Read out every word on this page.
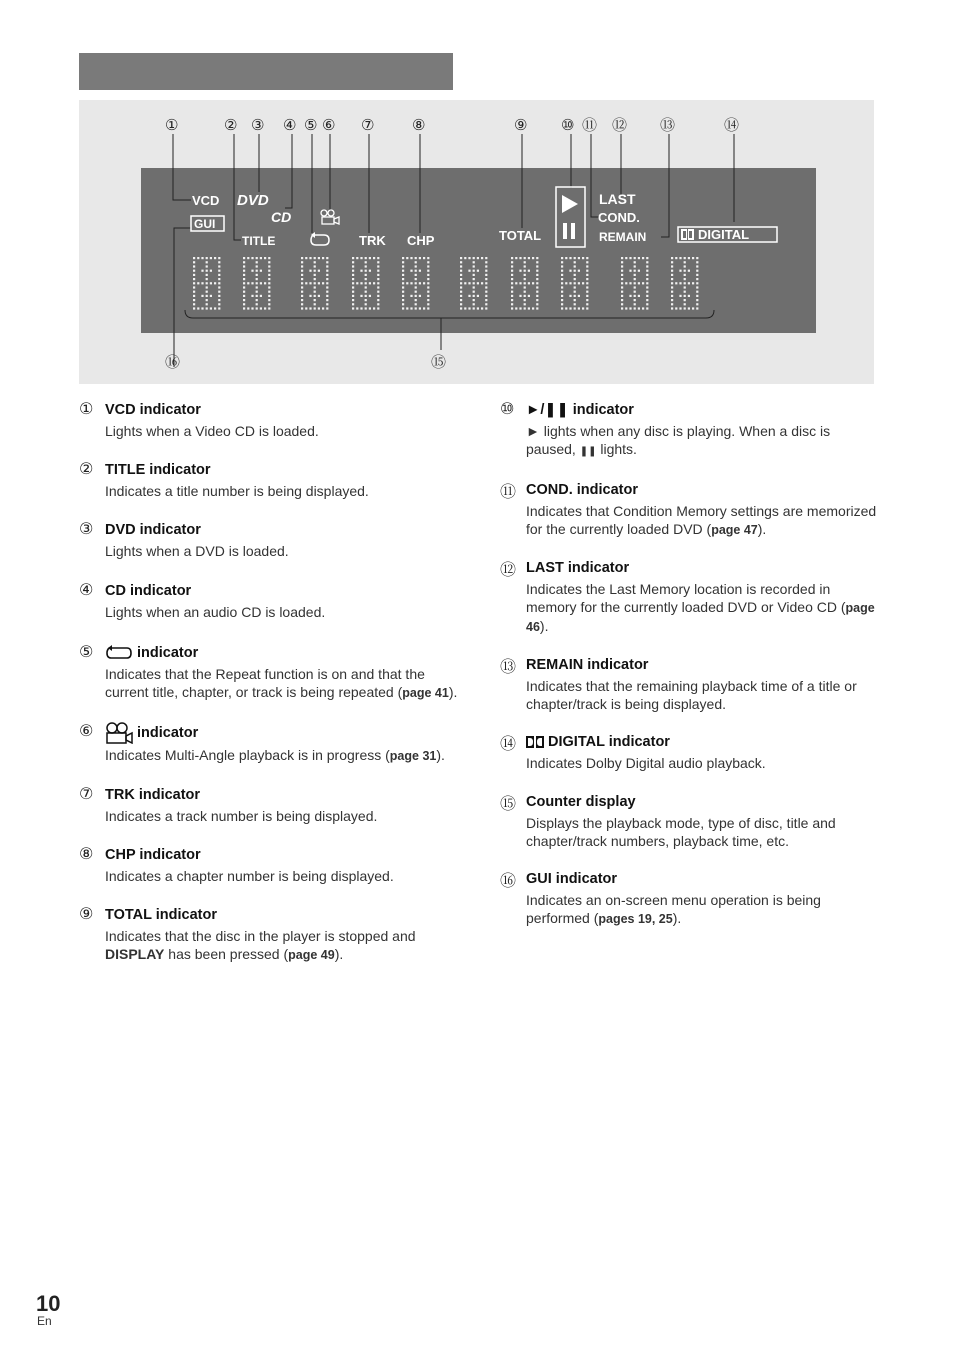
①	② ③ ④ ⑤ ⑥ ⑦	⑧	⑨ ⑩ ⑪ ⑫ ⑬	⑭
⑮
⑯
VCD
GUI
DVD
CD
TITLE	TRK CHP	TOTAL
LAST
COND.
REMAIN	DIGITAL
① VCD indicator
Lights when a Video CD is loaded.
② TITLE indicator
Indicates a title number is being displayed.
③ DVD indicator
Lights when a DVD is loaded.
④ CD indicator
Lights when an audio CD is loaded.
⑤	indicator
Indicates that the Repeat function is on and that the current title, chapter, or track is being repeated (page 41).
⑥	indicator
Indicates Multi-Angle playback is in progress (page 31).
⑦ TRK indicator
Indicates a track number is being displayed.
⑧ CHP indicator
Indicates a chapter number is being displayed.
⑨ TOTAL indicator
Indicates that the disc in the player is stopped and DISPLAY has been pressed (page 49).
⑩ ►/❚❚ indicator
► lights when any disc is playing. When a disc is paused, ❚❚ lights.
⑪ COND. indicator
Indicates that Condition Memory settings are memorized for the currently loaded DVD (page 47).
⑫ LAST indicator
Indicates the Last Memory location is recorded in memory for the currently loaded DVD or Video CD (page 46).
⑬ REMAIN indicator
Indicates that the remaining playback time of a title or chapter/track is being displayed.
⑭	DIGITAL indicator
Indicates Dolby Digital audio playback.
⑮ Counter display
Displays the playback mode, type of disc, title and chapter/track numbers, playback time, etc.
⑯ GUI indicator
Indicates an on-screen menu operation is being performed (pages 19, 25).
10
En
